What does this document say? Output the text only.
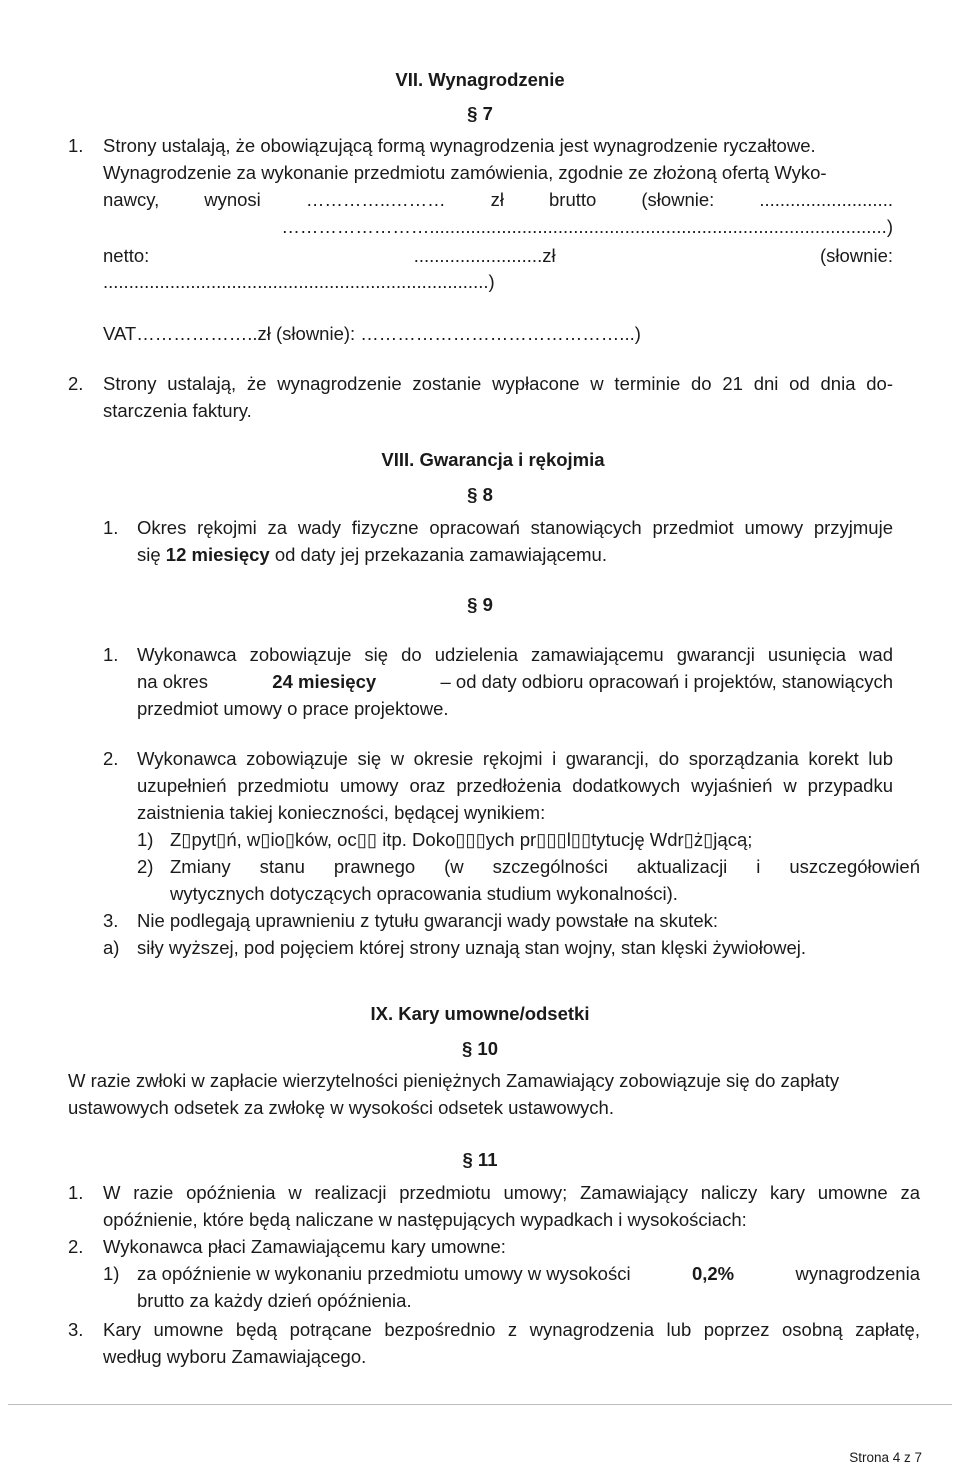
VII. Wynagrodzenie
§ 7
1. Strony ustalają, że obowiązującą formą wynagrodzenia jest wynagrodzenie ryczałtowe.
Wynagrodzenie za wykonanie przedmiotu zamówienia, zgodnie ze złożoną ofertą Wyko-
nawcy, wynosi …………..……… zł brutto (słownie: ..........................
…………………….........................................................................................)
netto:	.........................zł	(słownie:
...........................................................................)
VAT………………..zł (słownie): ……………………………………...)
2. Strony ustalają, że wynagrodzenie zostanie wypłacone w terminie do 21 dni od dnia do-
starczenia faktury.
VIII. Gwarancja i rękojmia
§ 8
1. Okres rękojmi za wady fizyczne opracowań stanowiących przedmiot umowy przyjmuje
się 12 miesięcy od daty jej przekazania zamawiającemu.
§ 9
1. Wykonawca zobowiązuje się do udzielenia zamawiającemu gwarancji usunięcia wad
na okres	24 miesięcy	– od daty odbioru opracowań i projektów, stanowiących
przedmiot umowy o prace projektowe.
2. Wykonawca zobowiązuje się w okresie rękojmi i gwarancji, do sporządzania korekt lub
uzupełnień przedmiotu umowy oraz przedłożenia dodatkowych wyjaśnień w przypadku
zaistnienia takiej konieczności, będącej wynikiem:
1) Z▯pyt▯ń, w▯io▯ków, oc▯▯ itp. Doko▯▯▯ych pr▯▯▯l▯▯tytucję Wdr▯ż▯jącą;
2) Zmiany stanu prawnego (w szczególności aktualizacji i uszczegółowień
wytycznych dotyczących opracowania studium wykonalności).
3. Nie podlegają uprawnieniu z tytułu gwarancji wady powstałe na skutek:
a) siły wyższej, pod pojęciem której strony uznają stan wojny, stan klęski żywiołowej.
IX. Kary umowne/odsetki
§ 10
W razie zwłoki w zapłacie wierzytelności pieniężnych Zamawiający zobowiązuje się do zapłaty
ustawowych odsetek za zwłokę w wysokości odsetek ustawowych.
§ 11
1. W razie opóźnienia w realizacji przedmiotu umowy; Zamawiający naliczy kary umowne za
opóźnienie, które będą naliczane w następujących wypadkach i wysokościach:
2. Wykonawca płaci Zamawiającemu kary umowne:
1) za opóźnienie w wykonaniu przedmiotu umowy w wysokości	0,2%	wynagrodzenia
brutto za każdy dzień opóźnienia.
3. Kary umowne będą potrącane bezpośrednio z wynagrodzenia lub poprzez osobną zapłatę,
według wyboru Zamawiającego.
Strona 4 z 7
